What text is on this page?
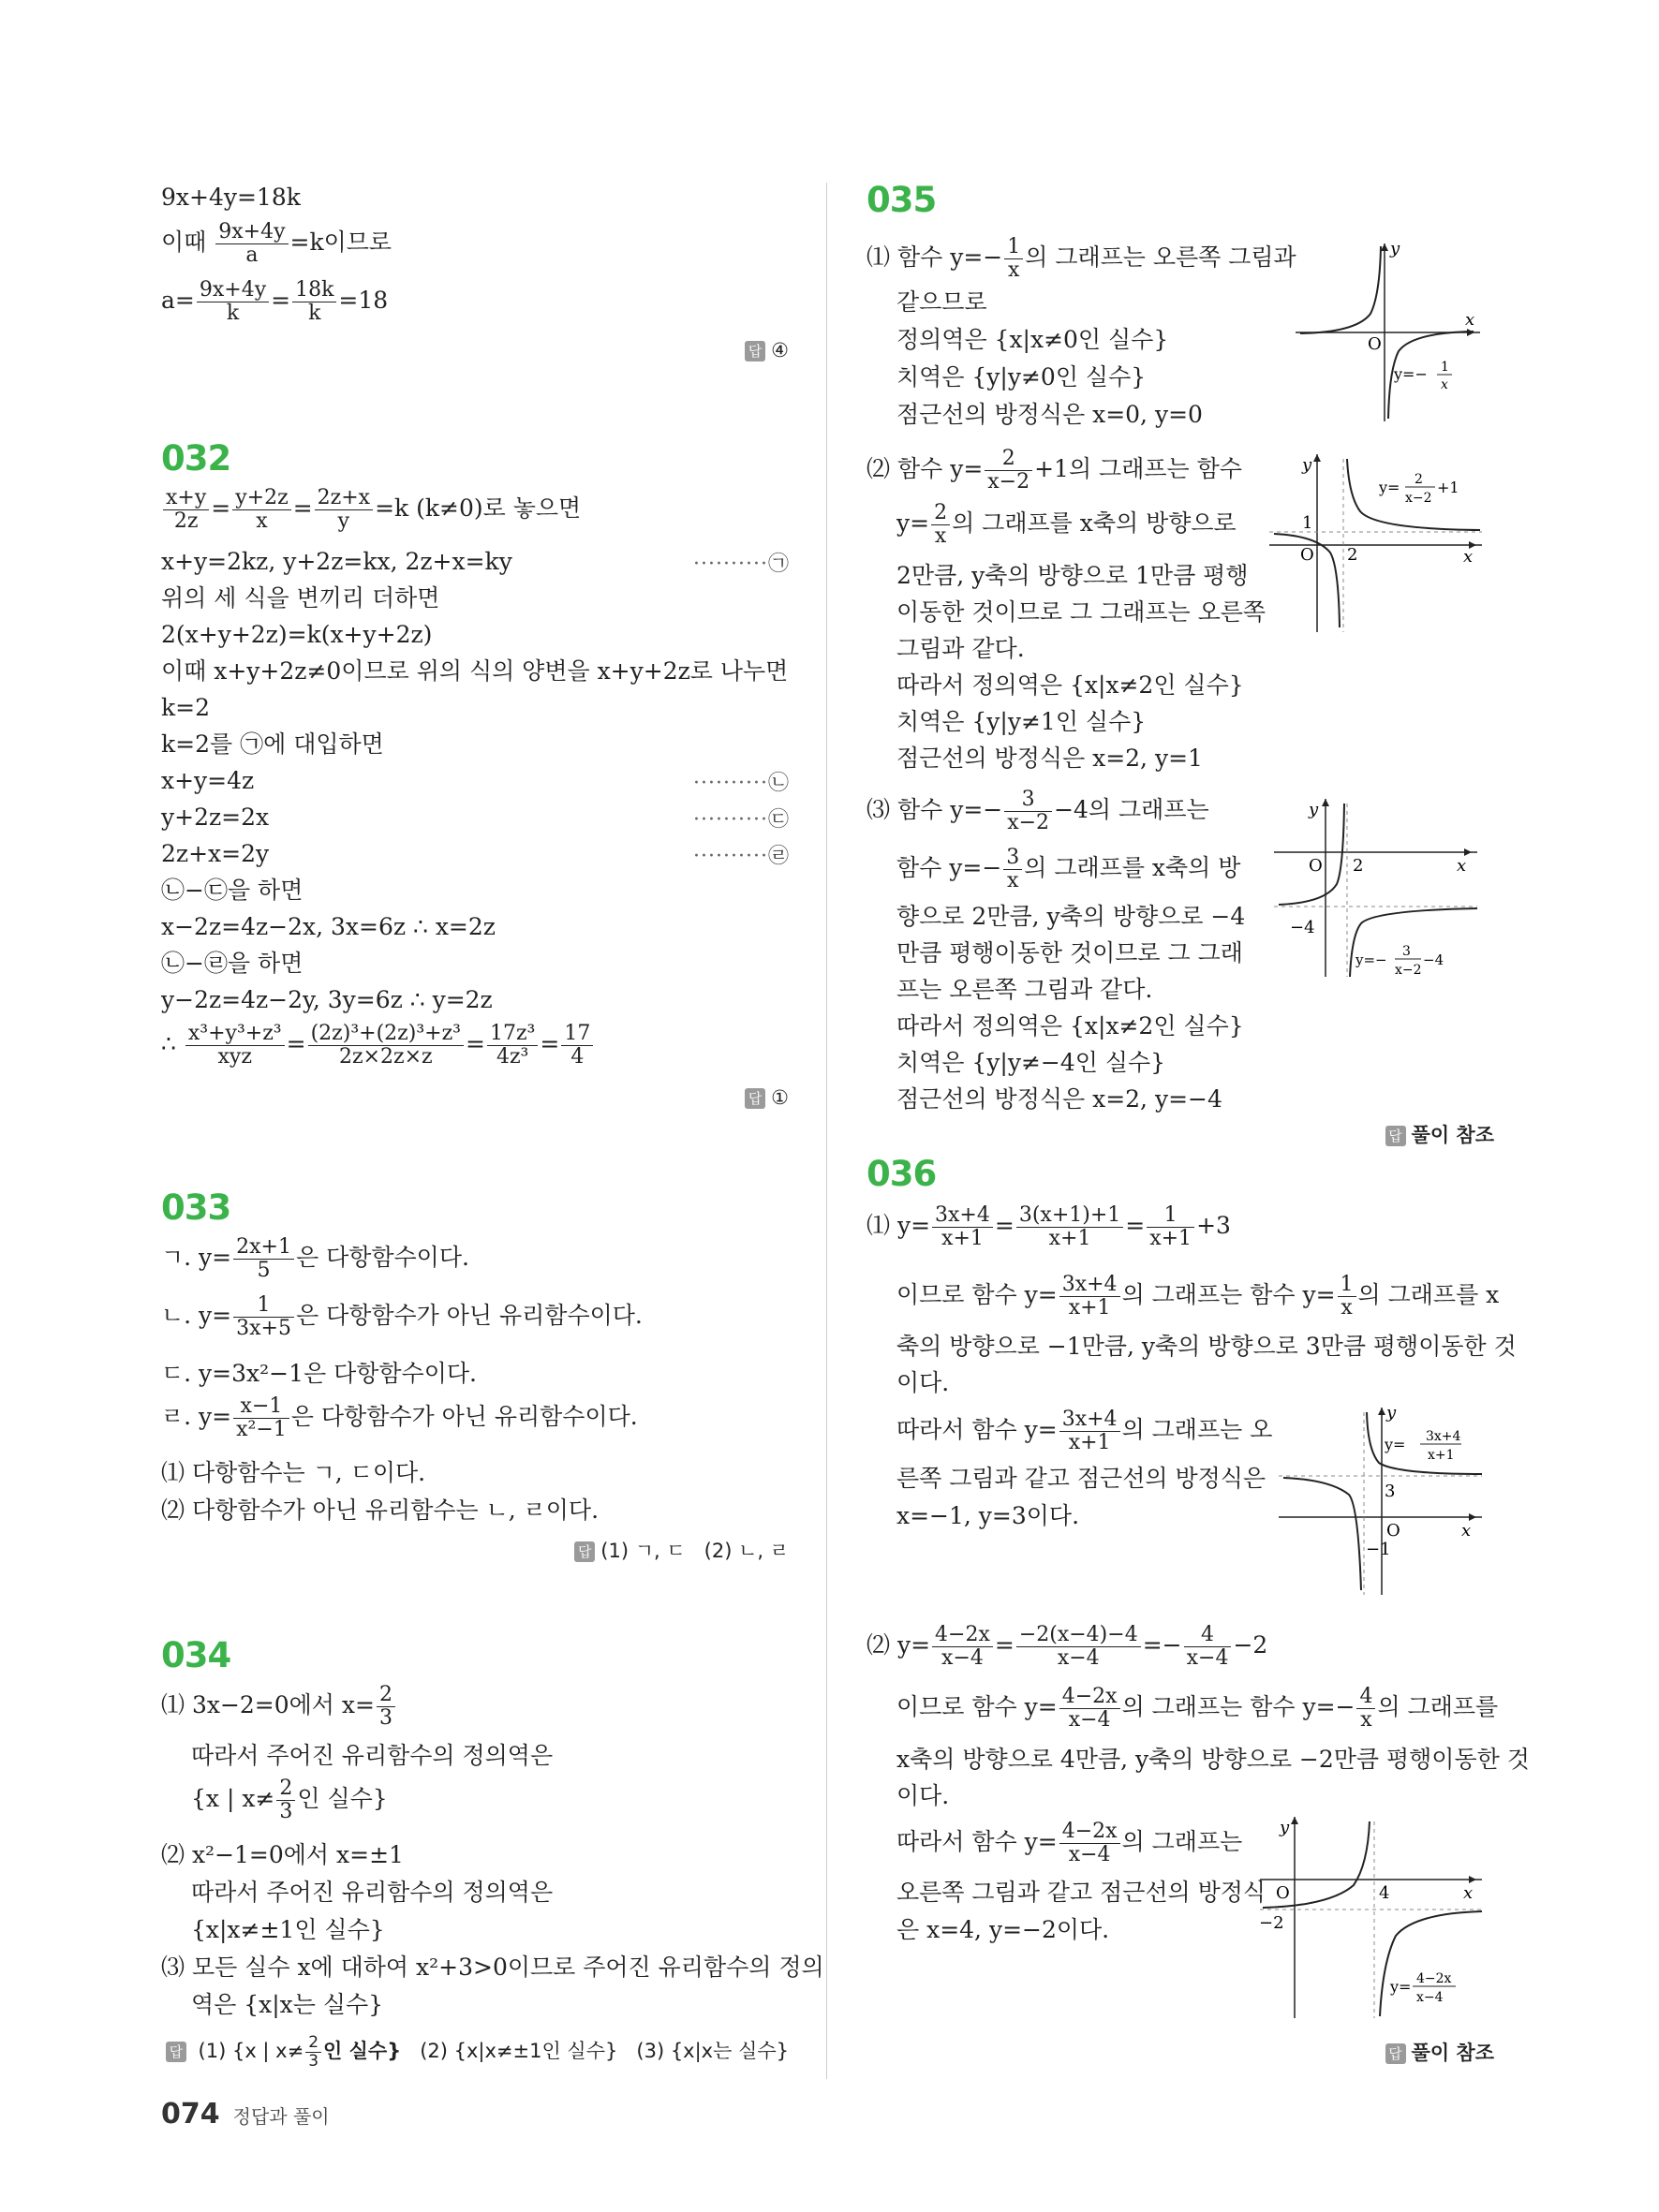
9x+4y=18k
이때 $\frac{9x+4y}{a} =k$이므로
$a= \frac{9x+4y}{k} = \frac{18k}{k} =18$
답 ④
032
$\frac{x+y}{2z} = \frac{y+2z}{x} = \frac{2z+x}{y} =k$ (k≠0)로 놓으면
x+y=2kz, y+2z=kx, 2z+x=ky	··········㉠
위의 세 식을 변끼리 더하면
2(x+y+2z)=k(x+y+2z)
이때 x+y+2z≠0이므로 위의 식의 양변을 x+y+2z로 나누면
k=2
k=2를 ㉠에 대입하면
x+y=4z	··········㉡
y+2z=2x	··········㉢
2z+x=2y	··········㉣
㉡−㉢을 하면
x−2z=4z−2x, 3x=6z ∴ x=2z
㉡−㉣을 하면
y−2z=4z−2y, 3y=6z ∴ y=2z
∴ $\frac{\text{x³+y³+z³}}{\text{xyz}} = \frac{\text{(2z)³+(2z)³+z³}}{2z\times 2z\times z} = \frac{\text{17z³}}{\text{4z³}} = \frac{17}{4}$
답 ①
033
ㄱ. $y= \frac{2x+1}{5}$ 은 다항함수이다.
ㄴ. $y= \frac{1}{3x+5}$ 은 다항함수가 아닌 유리함수이다.
ㄷ. y=3x²−1은 다항함수이다.
ㄹ. $y= \frac{x-1}{\text{x²−1}}$ 은 다항함수가 아닌 유리함수이다.
⑴ 다항함수는 ㄱ, ㄷ이다.
⑵ 다항함수가 아닌 유리함수는 ㄴ, ㄹ이다.
답 (1) ㄱ, ㄷ   (2) ㄴ, ㄹ
034
⑴ 3x−2=0에서 $x= \frac{2}{3}$
따라서 주어진 유리함수의 정의역은
{x | $x\ne \frac{2}{3}$ 인 실수}
⑵ x²−1=0에서 x=±1
따라서 주어진 유리함수의 정의역은
{x|x≠±1인 실수}
⑶ 모든 실수 x에 대하여 x²+3>0이므로 주어진 유리함수의 정의
역은 {x|x는 실수}
답 (1) {x | $x\ne \frac{2}{3}$ 인 실수} (2) {x|x≠±1인 실수} (3) {x|x는 실수}
035
⑴ 함수 $y=- \frac{1}{x}$ 의 그래프는 오른쪽 그림과
같으므로
정의역은 {x|x≠0인 실수}
치역은 {y|y≠0인 실수}
점근선의 방정식은 x=0, y=0
⑵ 함수 $y= \frac{2}{x-2} +1$의 그래프는 함수
$y= \frac{2}{x}$ 의 그래프를 x축의 방향으로
2만큼, y축의 방향으로 1만큼 평행
이동한 것이므로 그 그래프는 오른쪽
그림과 같다.
따라서 정의역은 {x|x≠2인 실수}
치역은 {y|y≠1인 실수}
점근선의 방정식은 x=2, y=1
⑶ 함수 $y=- \frac{3}{x-2} -4$의 그래프는
함수 $y=- \frac{3}{x}$ 의 그래프를 x축의 방
향으로 2만큼, y축의 방향으로 −4
만큼 평행이동한 것이므로 그 그래
프는 오른쪽 그림과 같다.
따라서 정의역은 {x|x≠2인 실수}
치역은 {y|y≠−4인 실수}
점근선의 방정식은 x=2, y=−4
답 풀이 참조
036
⑴ $y= \frac{3x+4}{x+1} = \frac{3(x+1)+1}{x+1} = \frac{1}{x+1} +3$
이므로 함수 $y= \frac{3x+4}{x+1}$ 의 그래프는 함수 $y= \frac{1}{x}$ 의 그래프를 x
축의 방향으로 −1만큼, y축의 방향으로 3만큼 평행이동한 것
이다.
따라서 함수 $y= \frac{3x+4}{x+1}$ 의 그래프는 오
른쪽 그림과 같고 점근선의 방정식은
x=−1, y=3이다.
⑵ $y= \frac{4-2x}{x-4} = \frac{-2(x-4)-4}{x-4} =- \frac{4}{x-4} -2$
이므로 함수 $y= \frac{4-2x}{x-4}$ 의 그래프는 함수 $y=- \frac{4}{x}$ 의 그래프를
x축의 방향으로 4만큼, y축의 방향으로 −2만큼 평행이동한 것
이다.
따라서 함수 $y= \frac{4-2x}{x-4}$ 의 그래프는
오른쪽 그림과 같고 점근선의 방정식
은 x=4, y=−2이다.
답 풀이 참조
y
x
O
y=− 1
x
y
x
O 2
1
y= 2
x−2
+1
y
x
O 2
−4
y=− 3
x−2
−4
y
x
O
−1
3
y= 3x+4
x+1
y
x
O	4
−2
y= 4−2x
x−4
074 정답과 풀이
